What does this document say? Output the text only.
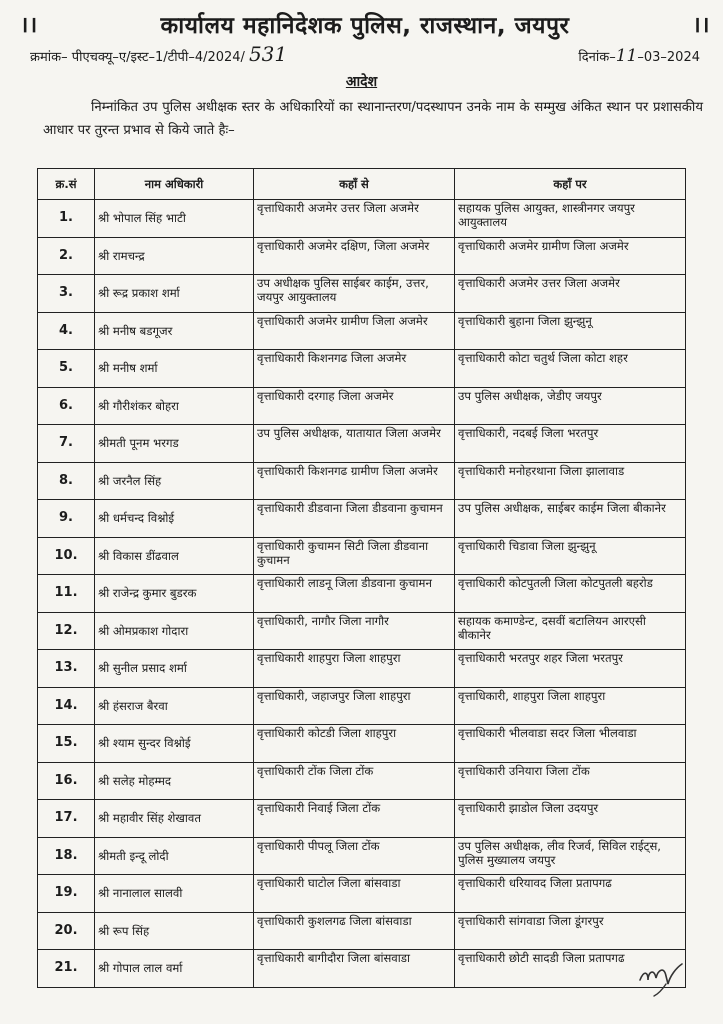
।।	कार्यालय महानिदेशक पुलिस, राजस्थान, जयपुर	।।
क्रमांक– पीएचक्यू–ए/इस्ट–1/टीपी–4/2024/ 531	दिनांक–11–03–2024
आदेश
निम्नांकित उप पुलिस अधीक्षक स्तर के अधिकारियों का स्थानान्तरण/पदस्थापन उनके नाम के सम्मुख अंकित स्थान पर प्रशासकीय आधार पर तुरन्त प्रभाव से किये जाते हैः–
क्र.सं	नाम अधिकारी	कहाँ से	कहाँ पर
1.	श्री भोपाल सिंह भाटी	वृत्ताधिकारी अजमेर उत्तर जिला अजमेर	सहायक पुलिस आयुक्त, शास्त्रीनगर जयपुर आयुक्तालय
2.	श्री रामचन्द्र	वृत्ताधिकारी अजमेर दक्षिण, जिला अजमेर	वृत्ताधिकारी अजमेर ग्रामीण जिला अजमेर
3.	श्री रूद्र प्रकाश शर्मा	उप अधीक्षक पुलिस साईबर काईम, उत्तर, जयपुर आयुक्तालय	वृत्ताधिकारी अजमेर उत्तर जिला अजमेर
4.	श्री मनीष बडगूजर	वृत्ताधिकारी अजमेर ग्रामीण जिला अजमेर	वृत्ताधिकारी बुहाना जिला झुन्झुनू
5.	श्री मनीष शर्मा	वृत्ताधिकारी किशनगढ जिला अजमेर	वृत्ताधिकारी कोटा चतुर्थ जिला कोटा शहर
6.	श्री गौरीशंकर बोहरा	वृत्ताधिकारी दरगाह जिला अजमेर	उप पुलिस अधीक्षक, जेडीए जयपुर
7.	श्रीमती पूनम भरगड	उप पुलिस अधीक्षक, यातायात जिला अजमेर	वृत्ताधिकारी, नदबई जिला भरतपुर
8.	श्री जरनैल सिंह	वृत्ताधिकारी किशनगढ ग्रामीण जिला अजमेर	वृत्ताधिकारी मनोहरथाना जिला झालावाड
9.	श्री धर्मचन्द विश्नोई	वृत्ताधिकारी डीडवाना जिला डीडवाना कुचामन	उप पुलिस अधीक्षक, साईबर काईम जिला बीकानेर
10.	श्री विकास डींढवाल	वृत्ताधिकारी कुचामन सिटी जिला डीडवाना कुचामन	वृत्ताधिकारी चिडावा जिला झुन्झुनू
11.	श्री राजेन्द्र कुमार बुडरक	वृत्ताधिकारी लाडनू जिला डीडवाना कुचामन	वृत्ताधिकारी कोटपुतली जिला कोटपुतली बहरोड
12.	श्री ओमप्रकाश गोदारा	वृत्ताधिकारी, नागौर जिला नागौर	सहायक कमाण्डेन्ट, दसवीं बटालियन आरएसी बीकानेर
13.	श्री सुनील प्रसाद शर्मा	वृत्ताधिकारी शाहपुरा जिला शाहपुरा	वृत्ताधिकारी भरतपुर शहर जिला भरतपुर
14.	श्री हंसराज बैरवा	वृत्ताधिकारी, जहाजपुर जिला शाहपुरा	वृत्ताधिकारी, शाहपुरा जिला शाहपुरा
15.	श्री श्याम सुन्दर विश्नोई	वृत्ताधिकारी कोटडी जिला शाहपुरा	वृत्ताधिकारी भीलवाडा सदर जिला भीलवाडा
16.	श्री सलेह मोहम्मद	वृत्ताधिकारी टोंक जिला टोंक	वृत्ताधिकारी उनियारा जिला टोंक
17.	श्री महावीर सिंह शेखावत	वृत्ताधिकारी निवाई जिला टोंक	वृत्ताधिकारी झाडोल जिला उदयपुर
18.	श्रीमती इन्दू लोदी	वृत्ताधिकारी पीपलू जिला टोंक	उप पुलिस अधीक्षक, लीव रिजर्व, सिविल राईट्स, पुलिस मुख्यालय जयपुर
19.	श्री नानालाल सालवी	वृत्ताधिकारी घाटोल जिला बांसवाडा	वृत्ताधिकारी धरियावद जिला प्रतापगढ
20.	श्री रूप सिंह	वृत्ताधिकारी कुशलगढ जिला बांसवाडा	वृत्ताधिकारी सांगवाडा जिला डूंगरपुर
21.	श्री गोपाल लाल वर्मा	वृत्ताधिकारी बागीदौरा जिला बांसवाडा	वृत्ताधिकारी छोटी सादडी जिला प्रतापगढ
